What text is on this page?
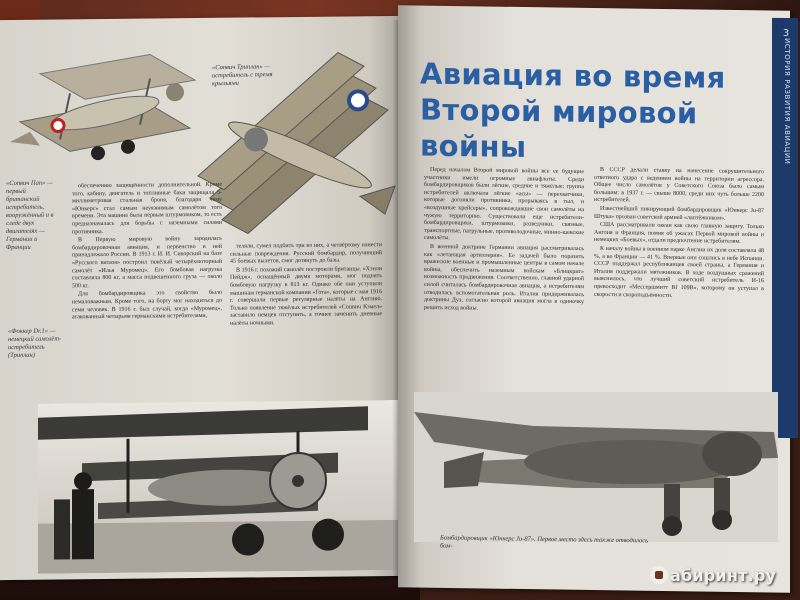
«Сопвич Триплан» — истребитель с тремя крыльями
«Сопвич Пап» — первый британский истребитель, вооружённый и в следе двух двигателях — Германии и Франции

обеспечению защищённости дополнительной. Кроме того, кабину, двигатель и топливные баки защищала 5-миллиметровая стальная броня, благодаря чему «Юнкерс» стал самым неуязвимым самолётом того времени. Эта машина была первым штурмовиком, то есть предназначалась для борьбы с наземными силами противника.

В Первую мировую войну зародилась бомбардировочная авиация, и первенство в ней принадлежало России. В 1913 г. И. И. Сикорский на базе «Русского витязя» построил тяжёлый четырёхмоторный самолёт «Илья Муромец». Его бомбовая нагрузка составляла 800 кг, а масса подвешенного груза — около 500 кг.

Для бомбардировщика это свойство было немаловажным. Кроме того, на борту мог находиться до семи человек. В 1916 г. был случай, когда «Муромец», атакованный четырьмя германскими истребителями,

«Фоккер Dr.1» — немецкий самолёт-истребитель (Триплан)

теляли, сумел подбить три из них, а четвёртому нанести сильные повреждения. Русский бомбардир, получивший 45 боевых вылетов, смог дотянуть до базы.

В 1916 г. похожий самолёт построили британцы. «Хэнли Пейдж», оснащённый двумя моторами, мог поднять бомбовую нагрузку в 813 кг. Однако обе они уступили машинам германской компании «Гота», которые с мая 1916 г. совершали первые регулярные налёты на Англию. Только появление тяжёлых истребителей «Сопвич Кэмел» заставило немцев отступить, а точнее заменить дневные налёты ночными.

3
ИСТОРИЯ РАЗВИТИЯ АВИАЦИИ
Авиация во время
Второй мировой
войны

Перед началом Второй мировой войны все ее будущие участники имели огромные авиафлоты. Среди бомбардировщиков были лёгкие, средние и тяжёлые; группа истребителей включала лёгкие «асы» — перехватчики, которые догоняли противника, прорываясь в тыл, и «воздушные крейсеры», сопровождавшие свои самолёты на чужую территорию. Существовали еще истребители-бомбардировщики, штурмовики, разведчики, связные, транспортные, патрульные, противолодочные, минно-шевские самолёты.

В военной доктрине Германии авиация рассматривалась как «летающая артиллерия». Ее задачей было поразить вражеские военные и промышленные центры в самом начале войны, обеспечить наземным войскам «Блицкриг» возможность продвижения. Соответственно, главной ударной силой считалась бомбардировочная авиация, а истребителям отводилась вспомогательная роль. Италия придерживалась доктрины Дуэ, согласно которой авиация могла в одиночку решить исход войны.

В СССР делали ставку на нанесение сокрушительного ответного удара с ведением войны на территории агрессора. Общее число самолётов у Советского Союза было самым большим: в 1937 г. — свыше 8000, среди них чуть больше 2200 истребителей.

Известнейший пикирующий бомбардировщик «Юнкерс Ju-87 Штука» прозван советской армией «лаптёжником».

США рассматривали океан как свою главную защиту. Только Англия и Франция, помня об ужасах Первой мировой войны и немецких «Боевых», отдали предпочтение истребителям.

К началу войны в военном парке Англии их доля составляла 48 %, а во Франции — 41 %. Впервые они сошлись в небе Испании. СССР поддержал республиканцев своей страны, а Германия и Италия поддержали мятежников. В ходе воздушных сражений выяснилось, что лучший советский истребитель И-16 превосходит «Мессершмитт Bf 109B», которому он уступал в скорости и скороподъёмности.

Бомбардировщик «Юнкерс Ju-87». Первое место здесь также отводилось бом-
абиринт.ру
